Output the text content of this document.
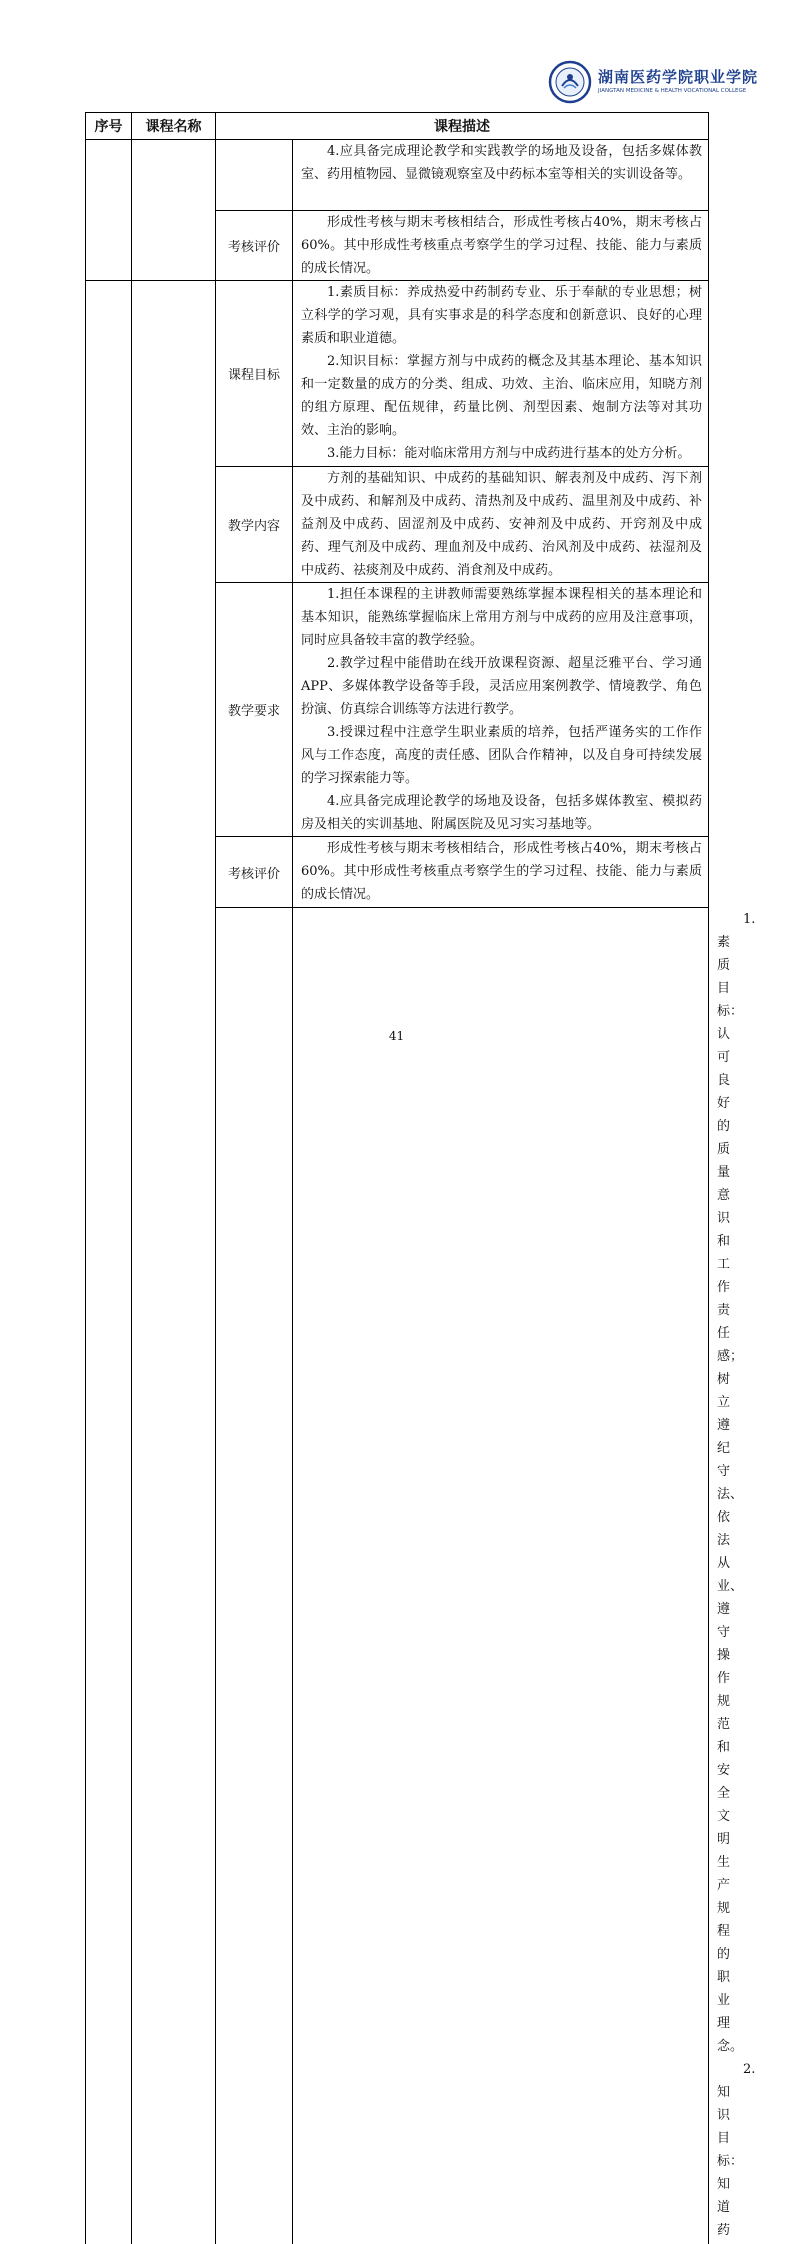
湖南医药学院职业学院
JIANGTAN MEDICINE & HEALTH VOCATIONAL COLLEGE
序号	课程名称	课程描述		

			4.应具备完成理论教学和实践教学的场地及设备，包括多媒体教室、药用植物园、显微镜观察室及中药标本室等相关的实训设备等。	

		考核评价	形成性考核与期末考核相结合，形成性考核占40%，期末考核占60%。其中形成性考核重点考察学生的学习过程、技能、能力与素质的成长情况。	

		课程目标	1.素质目标：养成热爱中药制药专业、乐于奉献的专业思想；树立科学的学习观，具有实事求是的科学态度和创新意识、良好的心理素质和职业道德。

2.知识目标：掌握方剂与中成药的概念及其基本理论、基本知识和一定数量的成方的分类、组成、功效、主治、临床应用，知晓方剂的组方原理、配伍规律，药量比例、剂型因素、炮制方法等对其功效、主治的影响。

3.能力目标：能对临床常用方剂与中成药进行基本的处方分析。	

		教学内容	方剂的基础知识、中成药的基础知识、解表剂及中成药、泻下剂及中成药、和解剂及中成药、清热剂及中成药、温里剂及中成药、补益剂及中成药、固涩剂及中成药、安神剂及中成药、开窍剂及中成药、理气剂及中成药、理血剂及中成药、治风剂及中成药、祛湿剂及中成药、祛痰剂及中成药、消食剂及中成药。	

		教学要求	1.担任本课程的主讲教师需要熟练掌握本课程相关的基本理论和基本知识，能熟练掌握临床上常用方剂与中成药的应用及注意事项，同时应具备较丰富的教学经验。

2.教学过程中能借助在线开放课程资源、超星泛雅平台、学习通APP、多媒体教学设备等手段，灵活应用案例教学、情境教学、角色扮演、仿真综合训练等方法进行教学。

3.授课过程中注意学生职业素质的培养，包括严谨务实的工作作风与工作态度，高度的责任感、团队合作精神，以及自身可持续发展的学习探索能力等。

4.应具备完成理论教学的场地及设备，包括多媒体教室、模拟药房及相关的实训基地、附属医院及见习实习基地等。	

		考核评价	形成性考核与期末考核相结合，形成性考核占40%，期末考核占60%。其中形成性考核重点考察学生的学习过程、技能、能力与素质的成长情况。	

1.素质目标：认可良好的质量意识和工作责任感；树立遵纪守法、依法从业、遵守操作规范和安全文明生产规程的职业理念。

2.知识目标：知道药

41
